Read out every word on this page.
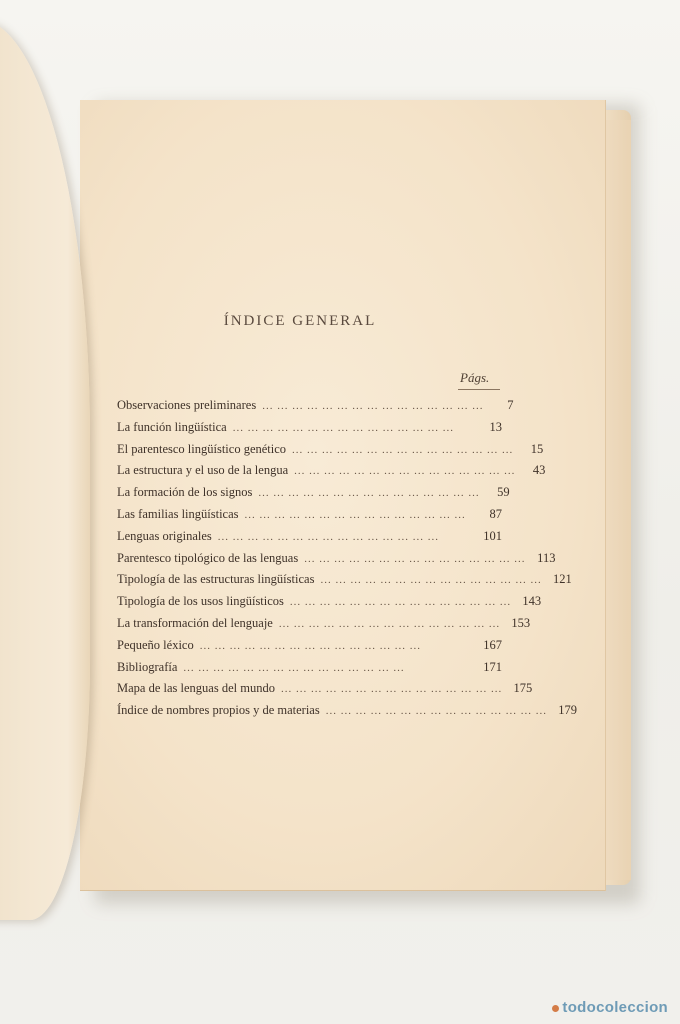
ÍNDICE GENERAL
Págs.
Observaciones preliminares ... ... ... ... ... ... ... ... ... ... ... ... ... ... ...	7
La función lingüística ... ... ... ... ... ... ... ... ... ... ... ... ... ... ...	13
El parentesco lingüístico genético ... ... ... ... ... ... ... ... ... ... ... ... ... ... ...	15
La estructura y el uso de la lengua ... ... ... ... ... ... ... ... ... ... ... ... ... ... ...	43
La formación de los signos ... ... ... ... ... ... ... ... ... ... ... ... ... ... ...	59
Las familias lingüísticas ... ... ... ... ... ... ... ... ... ... ... ... ... ... ...	87
Lenguas originales ... ... ... ... ... ... ... ... ... ... ... ... ... ... ...	101
Parentesco tipológico de las lenguas ... ... ... ... ... ... ... ... ... ... ... ... ... ... ... 113
Tipología de las estructuras lingüísticas ... ... ... ... ... ... ... ... ... ... ... ... ... ... ... 121
Tipología de los usos lingüísticos ... ... ... ... ... ... ... ... ... ... ... ... ... ... ... 143
La transformación del lenguaje ... ... ... ... ... ... ... ... ... ... ... ... ... ... ... 153
Pequeño léxico ... ... ... ... ... ... ... ... ... ... ... ... ... ... ...	167
Bibliografía ... ... ... ... ... ... ... ... ... ... ... ... ... ... ...	171
Mapa de las lenguas del mundo ... ... ... ... ... ... ... ... ... ... ... ... ... ... ... 175
Índice de nombres propios y de materias ... ... ... ... ... ... ... ... ... ... ... ... ... ... ... 179
todocoleccion
